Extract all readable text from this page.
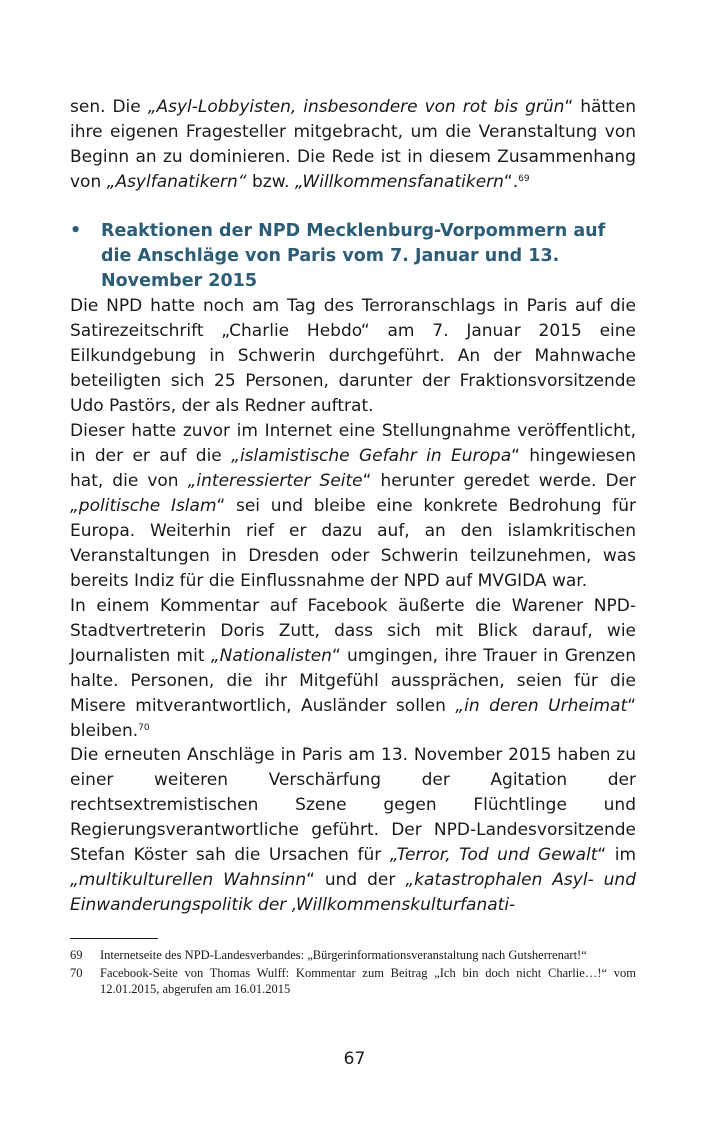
sen. Die „Asyl-Lobbyisten, insbesondere von rot bis grün“ hätten ihre eigenen Fragesteller mitgebracht, um die Veranstaltung von Beginn an zu dominieren. Die Rede ist in diesem Zusammenhang von „Asylfanatikern“ bzw. „Willkommensfanatikern“.$^{69}$

• Reaktionen der NPD Mecklenburg-Vorpommern auf die Anschläge von Paris vom 7. Januar und 13. November 2015

Die NPD hatte noch am Tag des Terroranschlags in Paris auf die Satirezeitschrift „Charlie Hebdo“ am 7. Januar 2015 eine Eilkundgebung in Schwerin durchgeführt. An der Mahnwache beteiligten sich 25 Personen, darunter der Fraktionsvorsitzende Udo Pastörs, der als Redner auftrat.

Dieser hatte zuvor im Internet eine Stellungnahme veröffentlicht, in der er auf die „islamistische Gefahr in Europa“ hingewiesen hat, die von „interessierter Seite“ herunter geredet werde. Der „politische Islam“ sei und bleibe eine konkrete Bedrohung für Europa. Weiterhin rief er dazu auf, an den islamkritischen Veranstaltungen in Dresden oder Schwerin teilzunehmen, was bereits Indiz für die Einflussnahme der NPD auf MVGIDA war.

In einem Kommentar auf Facebook äußerte die Warener NPD-Stadtvertreterin Doris Zutt, dass sich mit Blick darauf, wie Journalisten mit „Nationalisten“ umgingen, ihre Trauer in Grenzen halte. Personen, die ihr Mitgefühl aussprächen, seien für die Misere mitverantwortlich, Ausländer sollen „in deren Urheimat“ bleiben.$^{70}$

Die erneuten Anschläge in Paris am 13. November 2015 haben zu einer weiteren Verschärfung der Agitation der rechtsextremistischen Szene gegen Flüchtlinge und Regierungsverantwortliche geführt. Der NPD-Landesvorsitzende Stefan Köster sah die Ursachen für „Terror, Tod und Gewalt“ im „multikulturellen Wahnsinn“ und der „katastrophalen Asyl- und Einwanderungspolitik der ‚Willkommenskulturfanati-

69	Internetseite des NPD-Landesverbandes: „Bürgerinformationsveranstaltung nach Gutsherrenart!“
70	Facebook-Seite von Thomas Wulff: Kommentar zum Beitrag „Ich bin doch nicht Charlie…!“ vom 12.01.2015, abgerufen am 16.01.2015
67
